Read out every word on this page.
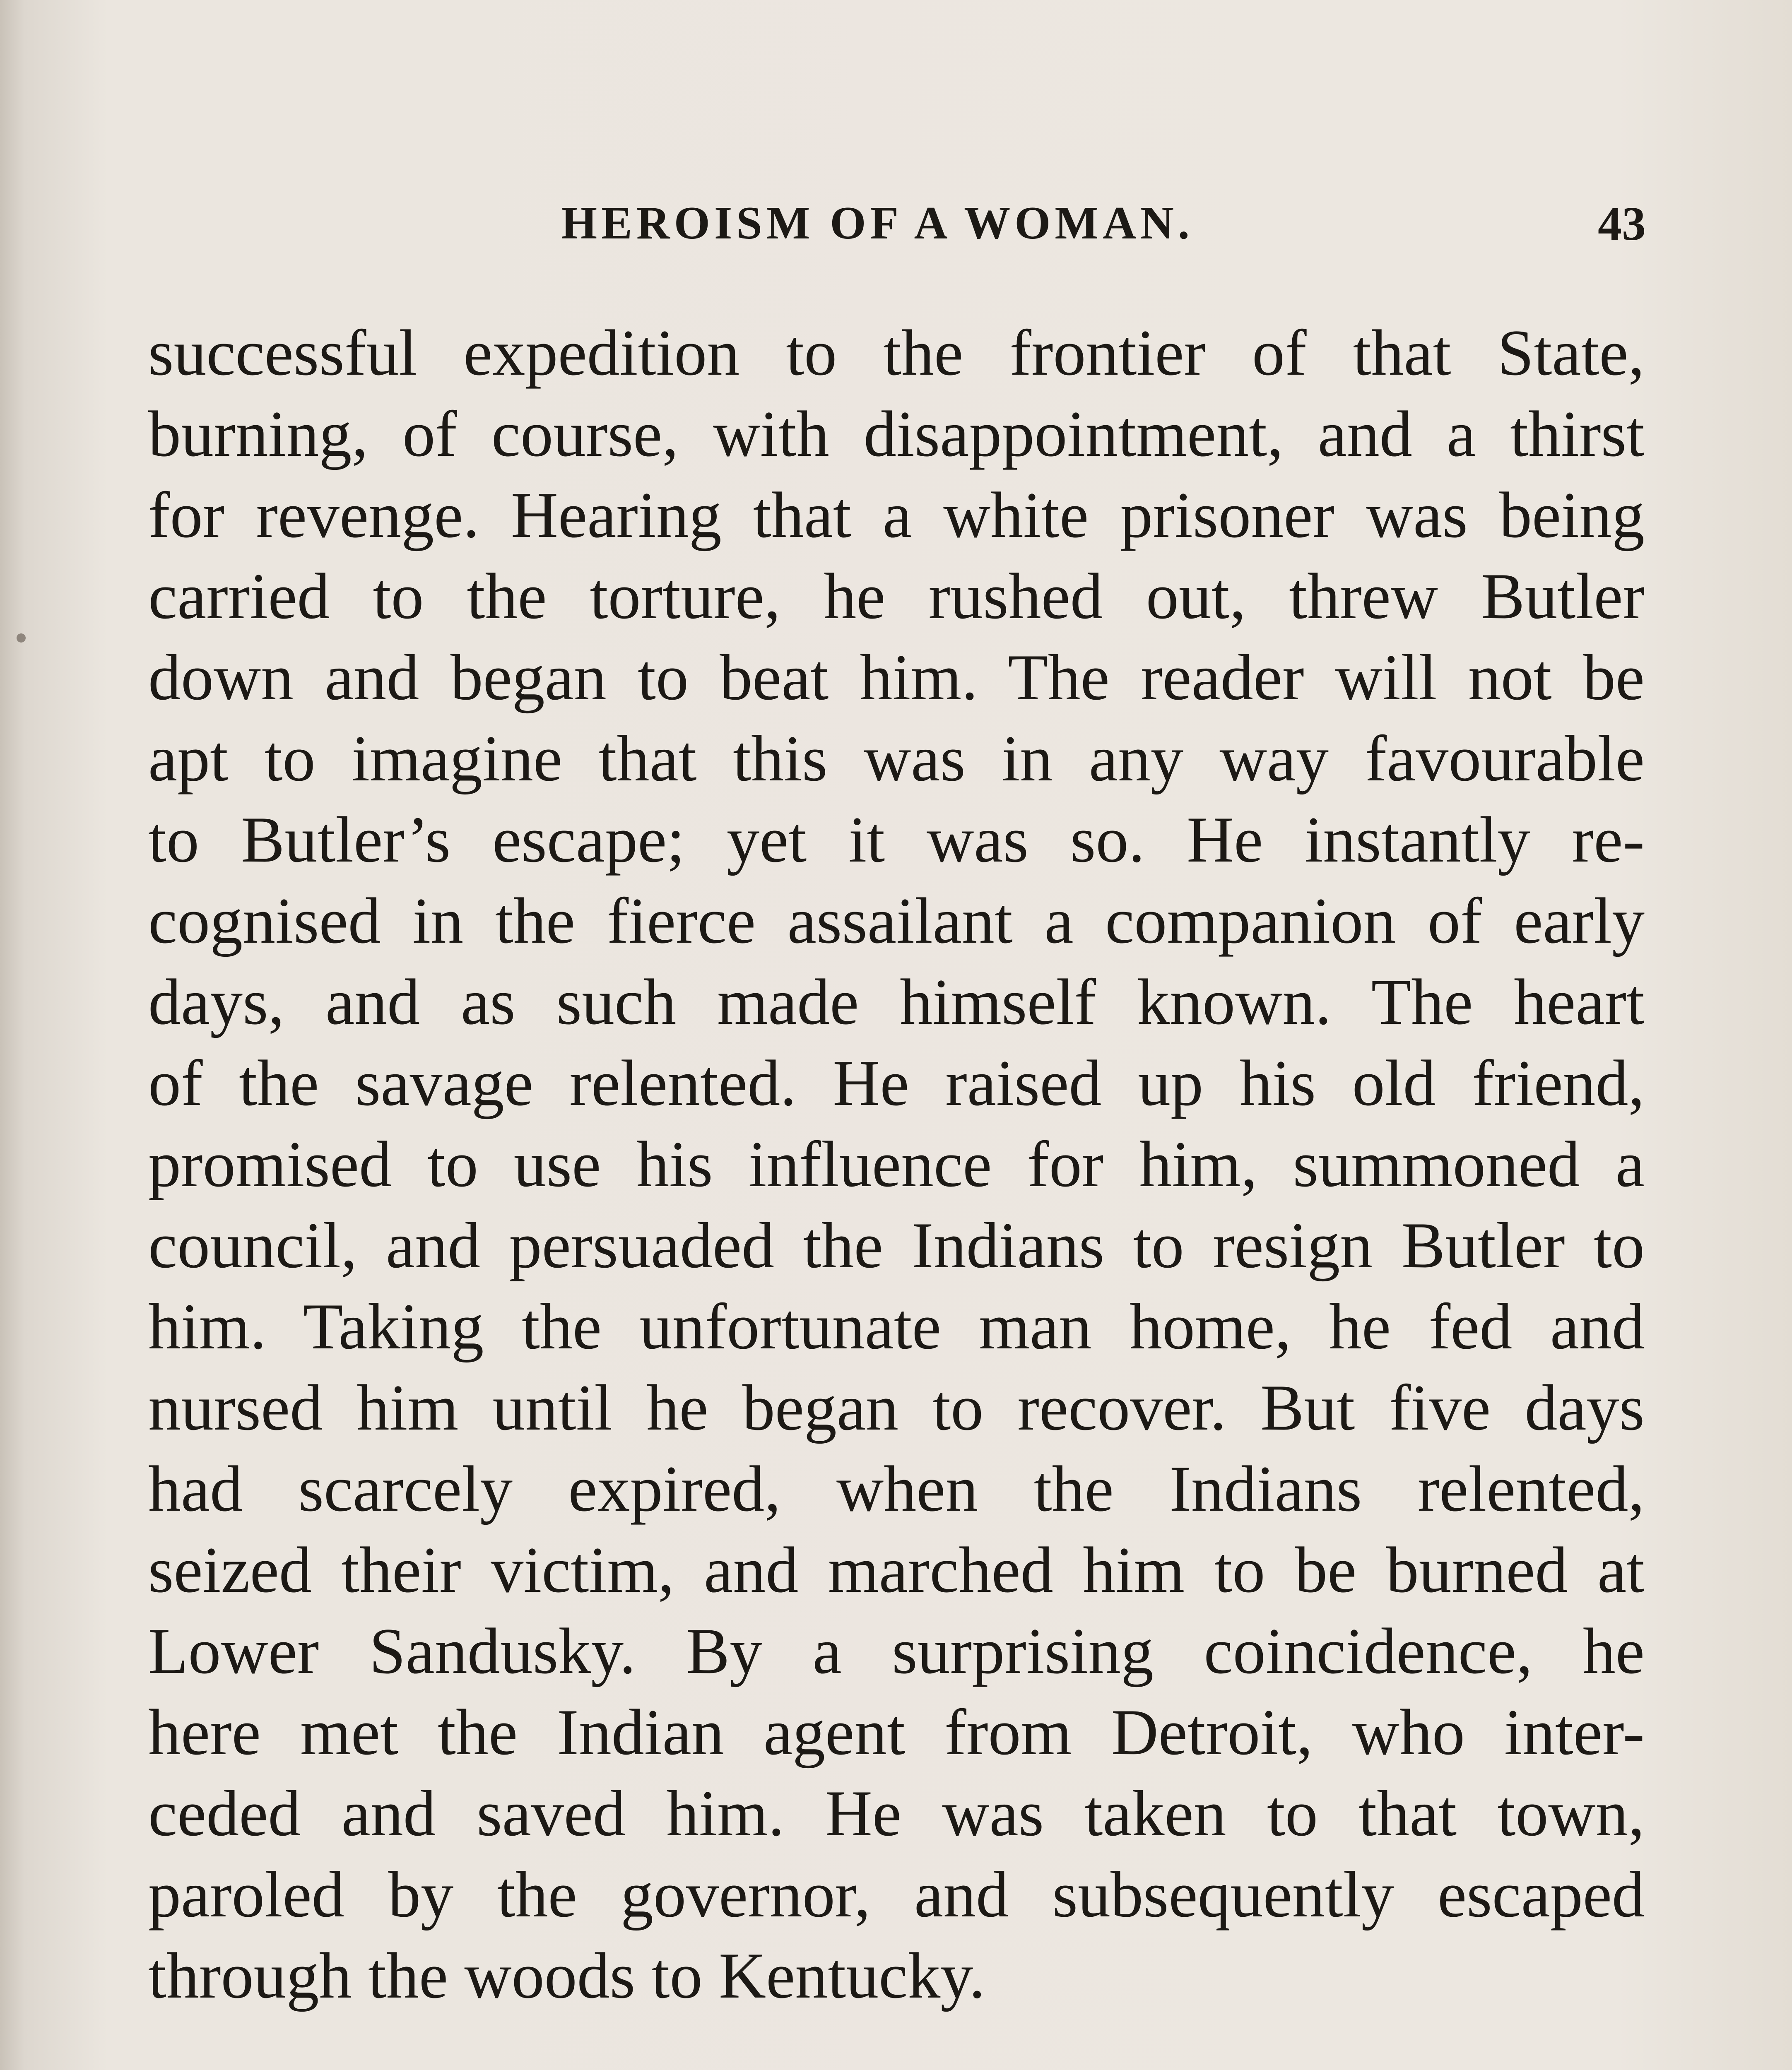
HEROISM OF A WOMAN.	43
successful expedition to the frontier of that State,
burning, of course, with disappointment, and a thirst
for revenge. Hearing that a white prisoner was being
carried to the torture, he rushed out, threw Butler
down and began to beat him. The reader will not be
apt to imagine that this was in any way favourable
to Butler’s escape; yet it was so. He instantly re-
cognised in the fierce assailant a companion of early
days, and as such made himself known. The heart
of the savage relented. He raised up his old friend,
promised to use his influence for him, summoned a
council, and persuaded the Indians to resign Butler to
him. Taking the unfortunate man home, he fed and
nursed him until he began to recover. But five days
had scarcely expired, when the Indians relented,
seized their victim, and marched him to be burned at
Lower Sandusky. By a surprising coincidence, he
here met the Indian agent from Detroit, who inter-
ceded and saved him. He was taken to that town,
paroled by the governor, and subsequently escaped
through the woods to Kentucky.
